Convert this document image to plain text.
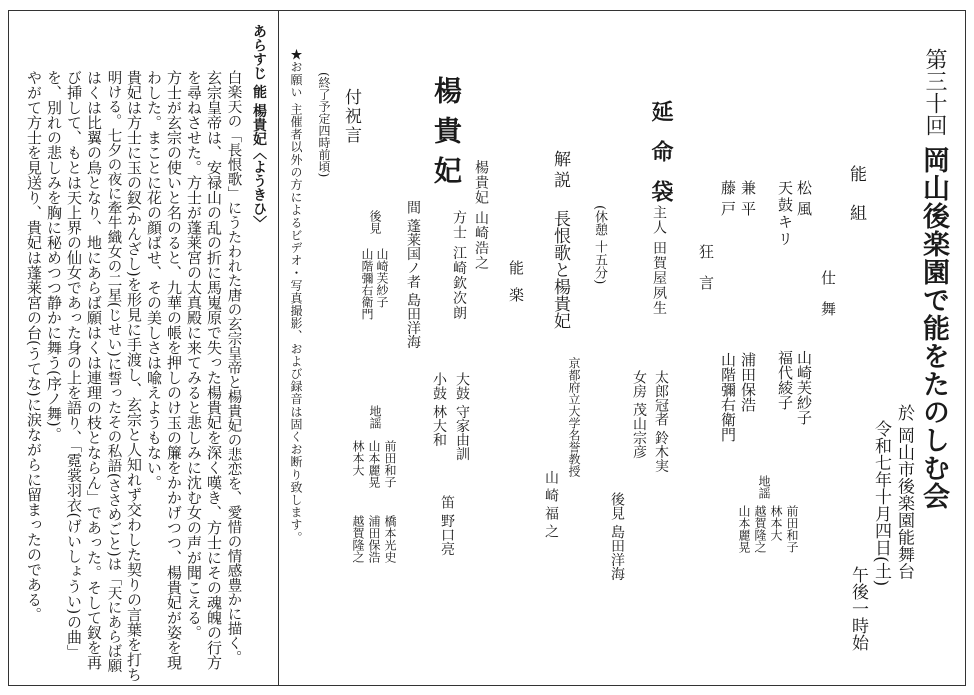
第三十回
岡山後楽園で能をたのしむ会
於 岡山市後楽園能舞台
令和七年十月四日(土)
午後一時始
能組
仕舞
松風
山崎芙紗子
天鼓キリ
福代綾子
地謡
前田和子
林本大
越賀隆之
山本麗晃
兼平
浦田保浩
藤戸
山階彌右衛門
狂言
延命袋
主人 田賀屋夙生
太郎冠者 鈴木実
女房 茂山宗彦
後見 島田洋海
(休憩 十五分)
解説
長恨歌と楊貴妃
京都府立大学名誉教授
山崎福之
能楽
楊貴妃
楊貴妃 山崎浩之
方士 江崎欽次朗
間 蓬莱国ノ者 島田洋海
大鼓 守家由訓
小鼓 林大和
笛 野口亮
後見
山崎芙紗子
山階彌右衛門
地謡
前田和子
山本麗晃
林本大
橋本光史
浦田保浩
越賀隆之
付祝言
(終了予定四時前頃)
★お願い 主催者以外の方によるビデオ・写真撮影、および録音は固くお断り致します。
あらすじ 能 楊貴妃〈ようきひ〉
白楽天の「長恨歌」にうたわれた唐の玄宗皇帝と楊貴妃の悲恋を、愛惜の情感豊かに描く。
玄宗皇帝は、安禄山の乱の折に馬嵬原で失った楊貴妃を深く嘆き、方士にその魂魄の行方
を尋ねさせた。方士が蓬莱宮の太真殿に来てみると悲しみに沈む女の声が聞こえる。
方士が玄宗の使いと名のると、九華の帳を押しのけ玉の簾をかかげつつ、楊貴妃が姿を現
わした。まことに花の顔ばせ、その美しさは喩えようもない。
貴妃は方士に玉の釵(かんざし)を形見に手渡し、玄宗と人知れず交わした契りの言葉を打ち
明ける。七夕の夜に牽牛織女の二星(じせい)に誓ったその私語(ささめごと)は「天にあらば願
はくは比翼の鳥となり、地にあらば願はくは連理の枝とならん」であった。そして釵を再
び挿して、もとは天上界の仙女であった身の上を語り、「霓裳羽衣(げいしょうい)の曲」
を、別れの悲しみを胸に秘めつつ静かに舞う(序ノ舞)。
やがて方士を見送り、貴妃は蓬莱宮の台(うてな)に涙ながらに留まったのである。
